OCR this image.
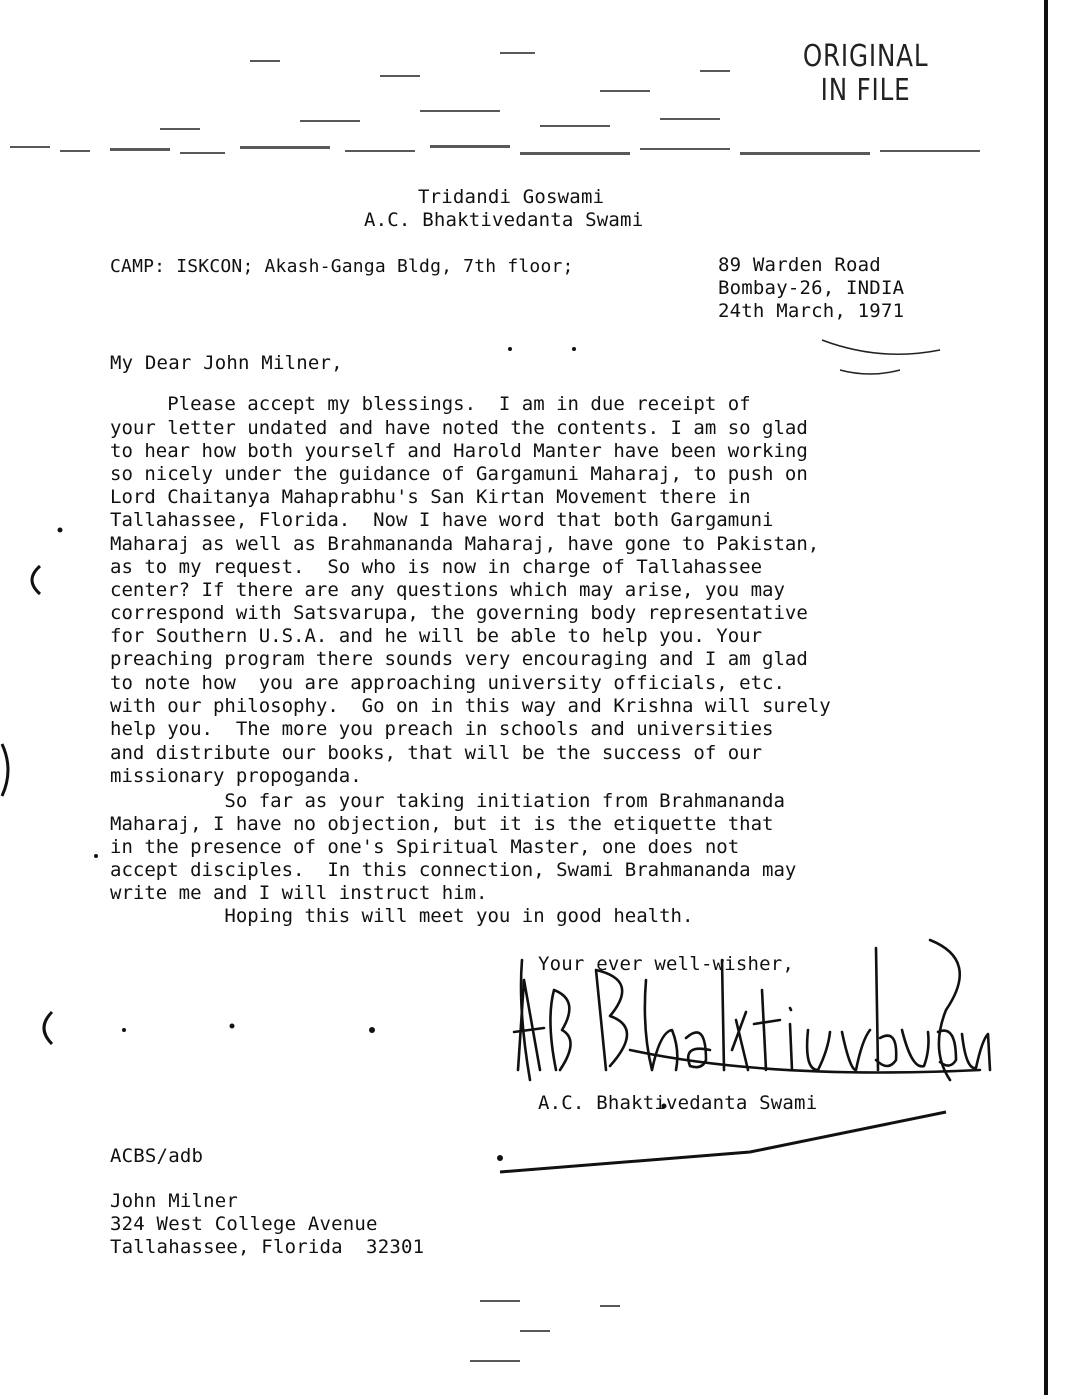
ORIGINAL
IN FILE
Tridandi Goswami
A.C. Bhaktivedanta Swami
CAMP: ISKCON; Akash-Ganga Bldg, 7th floor;	89 Warden Road
Bombay-26, INDIA
24th March, 1971
My Dear John Milner,
Please accept my blessings.  I am in due receipt of
your letter undated and have noted the contents. I am so glad
to hear how both yourself and Harold Manter have been working
so nicely under the guidance of Gargamuni Maharaj, to push on
Lord Chaitanya Mahaprabhu's San Kirtan Movement there in
Tallahassee, Florida.  Now I have word that both Gargamuni
Maharaj as well as Brahmananda Maharaj, have gone to Pakistan,
as to my request.  So who is now in charge of Tallahassee
center? If there are any questions which may arise, you may
correspond with Satsvarupa, the governing body representative
for Southern U.S.A. and he will be able to help you. Your
preaching program there sounds very encouraging and I am glad
to note how  you are approaching university officials, etc.
with our philosophy.  Go on in this way and Krishna will surely
help you.  The more you preach in schools and universities
and distribute our books, that will be the success of our
missionary propoganda.
So far as your taking initiation from Brahmananda
Maharaj, I have no objection, but it is the etiquette that
in the presence of one's Spiritual Master, one does not
accept disciples.  In this connection, Swami Brahmananda may
write me and I will instruct him.
Hoping this will meet you in good health.
Your ever well-wisher,
A.C. Bhaktivedanta Swami
ACBS/adb
John Milner
324 West College Avenue
Tallahassee, Florida  32301
